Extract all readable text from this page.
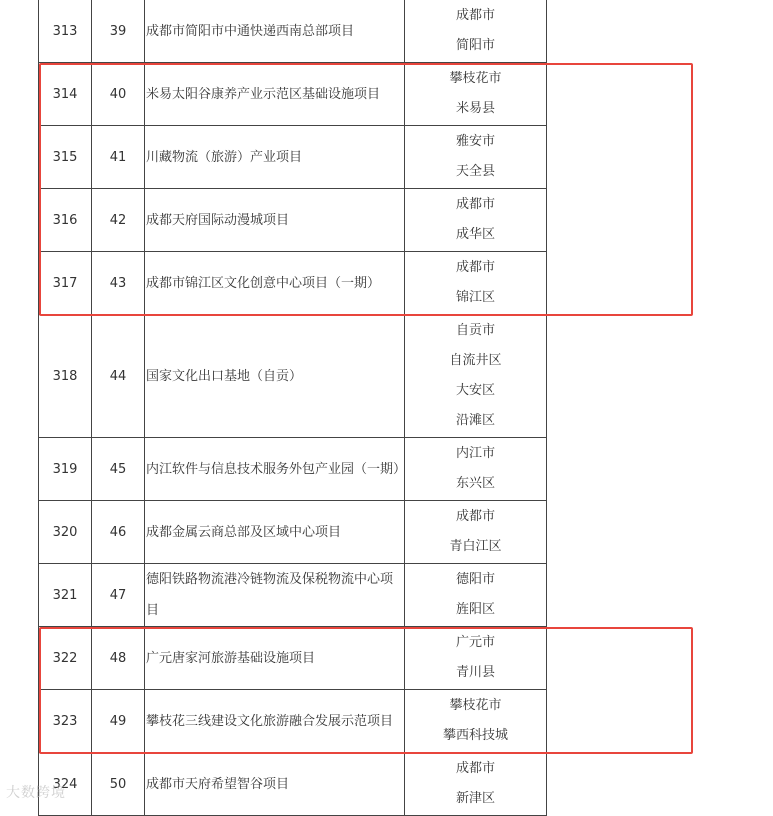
313	39	成都市简阳市中通快递西南总部项目	成都市
简阳市	

314	40	米易太阳谷康养产业示范区基础设施项目	攀枝花市
米易县	

315	41	川藏物流（旅游）产业项目	雅安市
天全县	

316	42	成都天府国际动漫城项目	成都市
成华区	

317	43	成都市锦江区文化创意中心项目（一期）	成都市
锦江区	

318	44	国家文化出口基地（自贡）	自贡市
自流井区
大安区
沿滩区	

319	45	内江软件与信息技术服务外包产业园（一期）	内江市
东兴区	

320	46	成都金属云商总部及区域中心项目	成都市
青白江区	

321	47	德阳铁路物流港冷链物流及保税物流中心项目	德阳市
旌阳区	

322	48	广元唐家河旅游基础设施项目	广元市
青川县	

323	49	攀枝花三线建设文化旅游融合发展示范项目	攀枝花市
攀西科技城	

324	50	成都市天府希望智谷项目	成都市
新津区	

大数跨境
